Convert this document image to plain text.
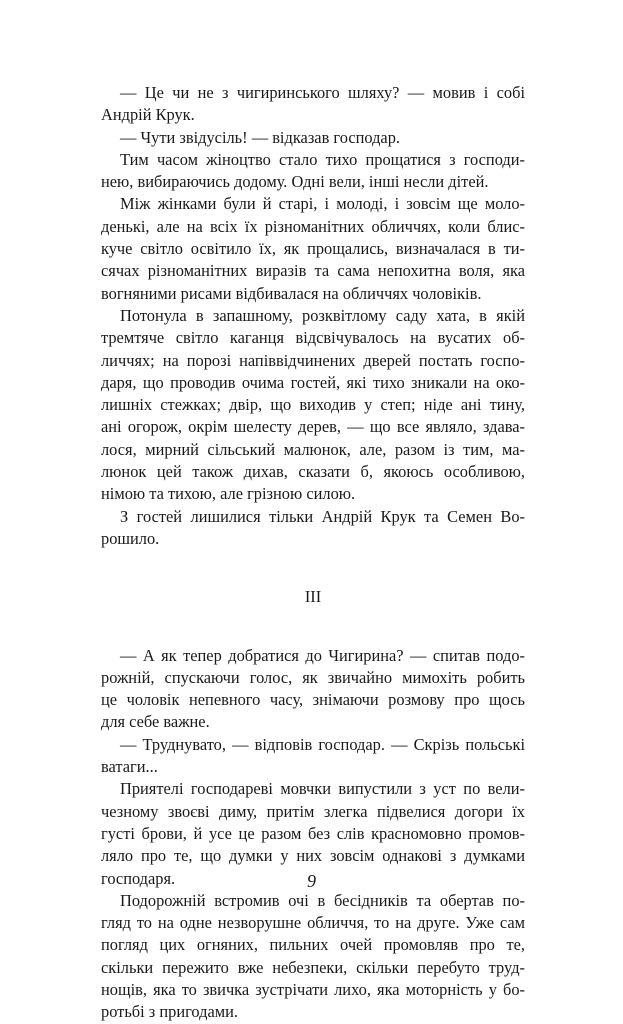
— Це чи не з чигиринського шляху? — мовив і собі
Андрій Крук.
— Чути звідусіль! — відказав господар.
Тим часом жіноцтво стало тихо прощатися з господи-
нею, вибираючись додому. Одні вели, інші несли дітей.
Між жінками були й старі, і молоді, і зовсім ще моло-
денькі, але на всіх їх різноманітних обличчях, коли блис-
куче світло освітило їх, як прощались, визначалася в ти-
сячах різноманітних виразів та сама непохитна воля, яка
вогняними рисами відбивалася на обличчях чоловіків.
Потонула в запашному, розквітлому саду хата, в якій
тремтяче світло каганця відсвічувалось на вусатих об-
личчях; на порозі напіввідчинених дверей постать госпо-
даря, що проводив очима гостей, які тихо зникали на око-
лишніх стежках; двір, що виходив у степ; ніде ані тину,
ані огорож, окрім шелесту дерев, — що все являло, здава-
лося, мирний сільський малюнок, але, разом із тим, ма-
люнок цей також дихав, сказати б, якоюсь особливою,
німою та тихою, але грізною силою.
З гостей лишилися тільки Андрій Крук та Семен Во-
рошило.
III
— А як тепер добратися до Чигирина? — спитав подо-
рожній, спускаючи голос, як звичайно мимохіть робить
це чоловік непевного часу, знімаючи розмову про щось
для себе важне.
— Труднувато, — відповів господар. — Скрізь польські
ватаги...
Приятелі господареві мовчки випустили з уст по вели-
чезному звоєві диму, притім злегка підвелися догори їх
густі брови, й усе це разом без слів красномовно промов-
ляло про те, що думки у них зовсім однакові з думками
господаря.
Подорожній встромив очі в бесідників та обертав по-
гляд то на одне незворушне обличчя, то на друге. Уже сам
погляд цих огняних, пильних очей промовляв про те,
скільки пережито вже небезпеки, скільки перебуто труд-
нощів, яка то звичка зустрічати лихо, яка моторність у бо-
ротьбі з пригодами.
9
